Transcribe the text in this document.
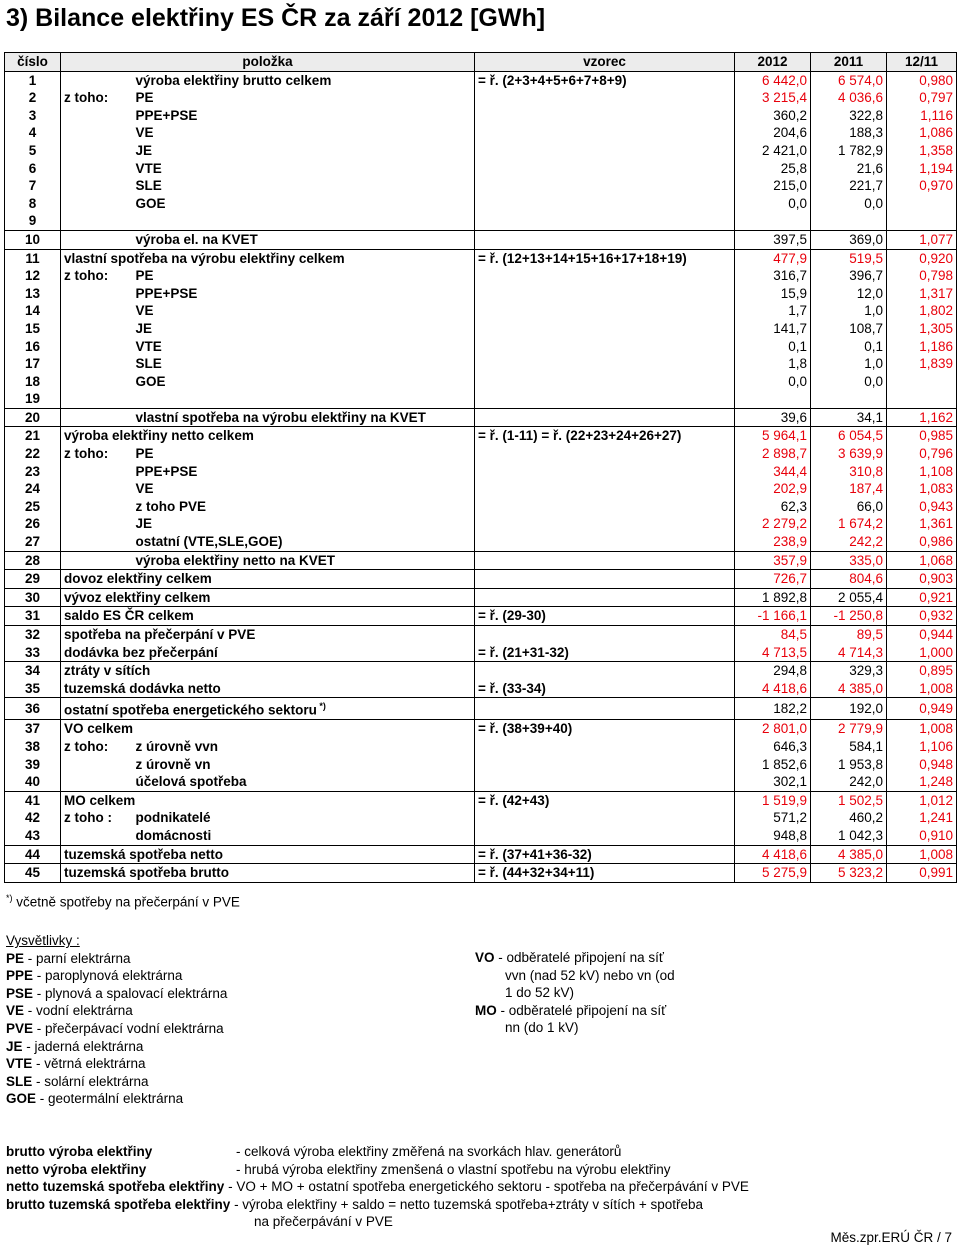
3) Bilance elektřiny ES ČR za září 2012 [GWh]
číslo	položka		vzorec	2012	2011	12/11
1		výroba elektřiny brutto celkem	= ř. (2+3+4+5+6+7+8+9)	6 442,0	6 574,0	0,980
2	z toho:	PE		3 215,4	4 036,6	0,797
3		PPE+PSE		360,2	322,8	1,116
4		VE		204,6	188,3	1,086
5		JE		2 421,0	1 782,9	1,358
6		VTE		25,8	21,6	1,194
7		SLE		215,0	221,7	0,970
8		GOE		0,0	0,0	
9						
10		výroba el. na KVET		397,5	369,0	1,077
11	vlastní spotřeba na výrobu elektřiny celkem		= ř. (12+13+14+15+16+17+18+19)	477,9	519,5	0,920
12	z toho:	PE		316,7	396,7	0,798
13		PPE+PSE		15,9	12,0	1,317
14		VE		1,7	1,0	1,802
15		JE		141,7	108,7	1,305
16		VTE		0,1	0,1	1,186
17		SLE		1,8	1,0	1,839
18		GOE		0,0	0,0	
19						
20		vlastní spotřeba na výrobu elektřiny na KVET		39,6	34,1	1,162
21	výroba elektřiny netto celkem		= ř. (1-11) = ř. (22+23+24+26+27)	5 964,1	6 054,5	0,985
22	z toho:	PE		2 898,7	3 639,9	0,796
23		PPE+PSE		344,4	310,8	1,108
24		VE		202,9	187,4	1,083
25		z toho PVE		62,3	66,0	0,943
26		JE		2 279,2	1 674,2	1,361
27		ostatní (VTE,SLE,GOE)		238,9	242,2	0,986
28		výroba elektřiny netto na KVET		357,9	335,0	1,068
29	dovoz elektřiny celkem			726,7	804,6	0,903
30	vývoz elektřiny celkem			1 892,8	2 055,4	0,921
31	saldo ES ČR celkem		= ř. (29-30)	-1 166,1	-1 250,8	0,932
32	spotřeba na přečerpání v PVE			84,5	89,5	0,944
33	dodávka bez přečerpání		= ř. (21+31-32)	4 713,5	4 714,3	1,000
34	ztráty v sítích			294,8	329,3	0,895
35	tuzemská dodávka netto		= ř. (33-34)	4 418,6	4 385,0	1,008
36	ostatní spotřeba energetického sektoru *)			182,2	192,0	0,949
37	VO celkem		= ř. (38+39+40)	2 801,0	2 779,9	1,008
38	z toho:	z úrovně vvn		646,3	584,1	1,106
39		z úrovně vn		1 852,6	1 953,8	0,948
40		účelová spotřeba		302,1	242,0	1,248
41	MO celkem		= ř. (42+43)	1 519,9	1 502,5	1,012
42	z toho :	podnikatelé		571,2	460,2	1,241
43		domácnosti		948,8	1 042,3	0,910
44	tuzemská spotřeba netto		= ř. (37+41+36-32)	4 418,6	4 385,0	1,008
45	tuzemská spotřeba brutto		= ř. (44+32+34+11)	5 275,9	5 323,2	0,991
*) včetně spotřeby na přečerpání v PVE
Vysvětlivky :
PE - parní elektrárna
PPE - paroplynová elektrárna
PSE - plynová a spalovací elektrárna
VE - vodní elektrárna
PVE - přečerpávací vodní elektrárna
JE - jaderná elektrárna
VTE - větrná elektrárna
SLE - solární elektrárna
GOE - geotermální elektrárna
VO - odběratelé připojení na síť
vvn (nad 52 kV) nebo vn (od
1 do 52 kV)
MO - odběratelé připojení na síť
nn (do 1 kV)
brutto výroba elektřiny	- celková výroba elektřiny změřená na svorkách hlav. generátorů
netto výroba elektřiny	- hrubá výroba elektřiny zmenšená o vlastní spotřebu na výrobu elektřiny
netto tuzemská spotřeba elektřiny - VO + MO + ostatní spotřeba energetického sektoru - spotřeba na přečerpávání v PVE
brutto tuzemská spotřeba elektřiny - výroba elektřiny + saldo = netto tuzemská spotřeba+ztráty v sítích + spotřeba
na přečerpávání v PVE
Měs.zpr.ERÚ ČR / 7
